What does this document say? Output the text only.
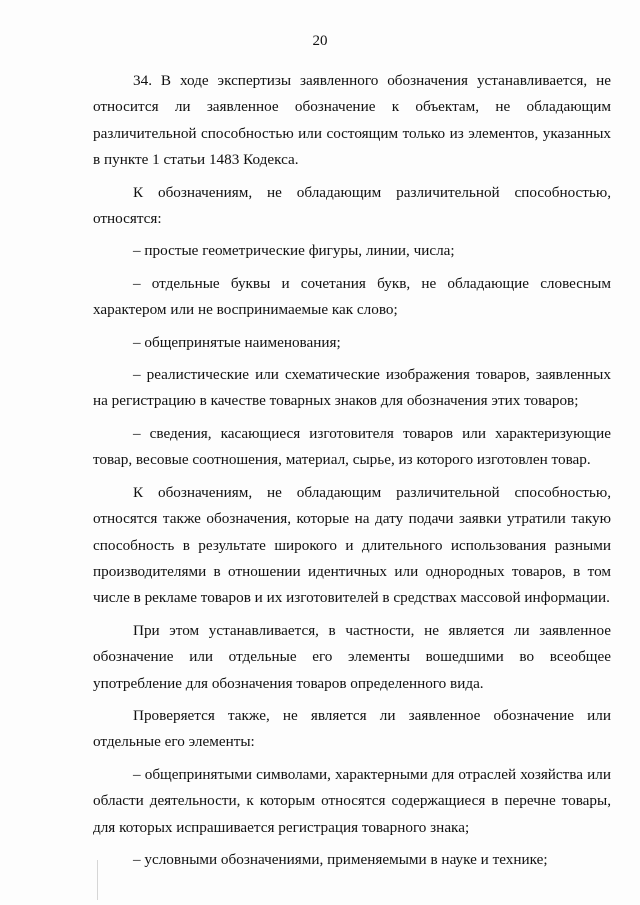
20

34. В ходе экспертизы заявленного обозначения устанавливается, не относится ли заявленное обозначение к объектам, не обладающим различительной способностью или состоящим только из элементов, указанных в пункте 1 статьи 1483 Кодекса.

К обозначениям, не обладающим различительной способностью, относятся:

– простые геометрические фигуры, линии, числа;

– отдельные буквы и сочетания букв, не обладающие словесным характером или не воспринимаемые как слово;

– общепринятые наименования;

– реалистические или схематические изображения товаров, заявленных на регистрацию в качестве товарных знаков для обозначения этих товаров;

– сведения, касающиеся изготовителя товаров или характеризующие товар, весовые соотношения, материал, сырье, из которого изготовлен товар.

К обозначениям, не обладающим различительной способностью, относятся также обозначения, которые на дату подачи заявки утратили такую способность в результате широкого и длительного использования разными производителями в отношении идентичных или однородных товаров, в том числе в рекламе товаров и их изготовителей в средствах массовой информации.

При этом устанавливается, в частности, не является ли заявленное обозначение или отдельные его элементы вошедшими во всеобщее употребление для обозначения товаров определенного вида.

Проверяется также, не является ли заявленное обозначение или отдельные его элементы:

– общепринятыми символами, характерными для отраслей хозяйства или области деятельности, к которым относятся содержащиеся в перечне товары, для которых испрашивается регистрация товарного знака;

– условными обозначениями, применяемыми в науке и технике;
